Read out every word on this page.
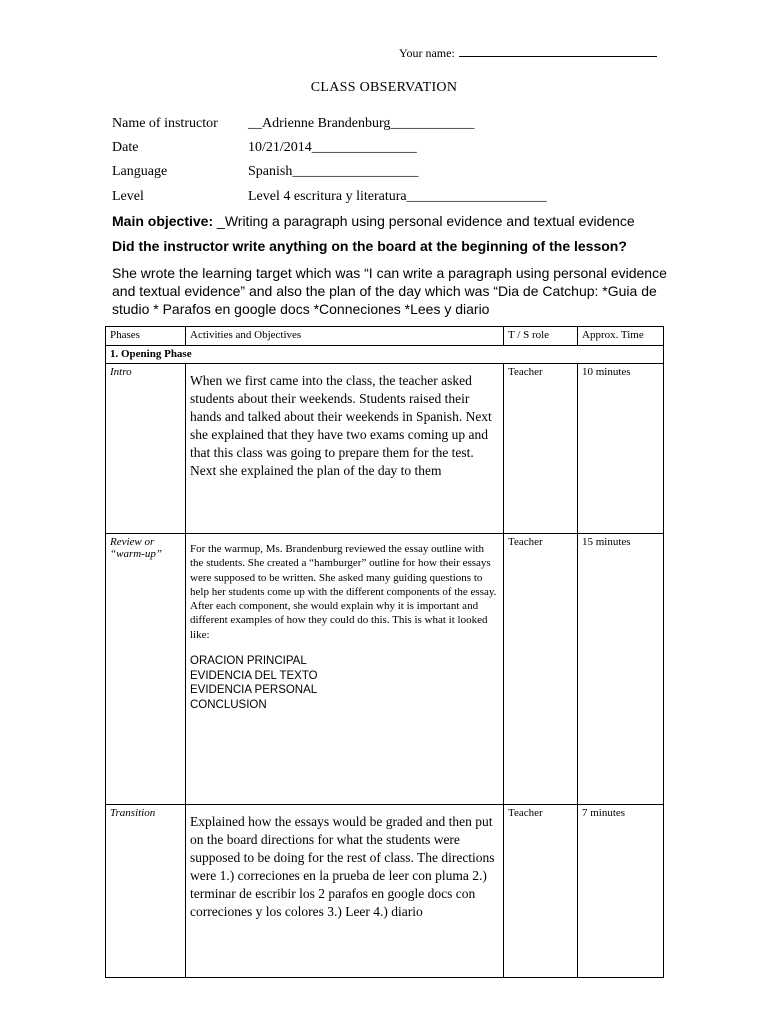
Your name:
CLASS OBSERVATION
Name of instructor __Adrienne Brandenburg____________
Date	10/21/2014_______________
Language	Spanish__________________
Level	Level 4 escritura y literatura____________________
Main objective: _Writing a paragraph using personal evidence and textual evidence
Did the instructor write anything on the board at the beginning of the lesson?
She wrote the learning target which was “I can write a paragraph using personal evidence and textual evidence” and also the plan of the day which was “Dia de Catchup: *Guia de studio * Parafos en google docs *Conneciones *Lees y diario
Phases	Activities and Objectives	T / S role	Approx. Time
1. Opening Phase			
Intro	When we first came into the class, the teacher asked students about their weekends. Students raised their hands and talked about their weekends in Spanish. Next she explained that they have two exams coming up and that this class was going to prepare them for the test. Next she explained the plan of the day to them	Teacher	10 minutes
Review or “warm-up”	For the warmup, Ms. Brandenburg reviewed the essay outline with the students. She created a “hamburger” outline for how their essays were supposed to be written. She asked many guiding questions to help her students come up with the different components of the essay. After each component, she would explain why it is important and different examples of how they could do this. This is what it looked like:
ORACION PRINCIPAL
EVIDENCIA DEL TEXTO
EVIDENCIA PERSONAL
CONCLUSION	Teacher	15 minutes
Transition	Explained how the essays would be graded and then put on the board directions for what the students were supposed to be doing for the rest of class. The directions were 1.) correciones en la prueba de leer con pluma 2.) terminar de escribir los 2 parafos en google docs con correciones y los colores 3.) Leer 4.) diario	Teacher	7 minutes
